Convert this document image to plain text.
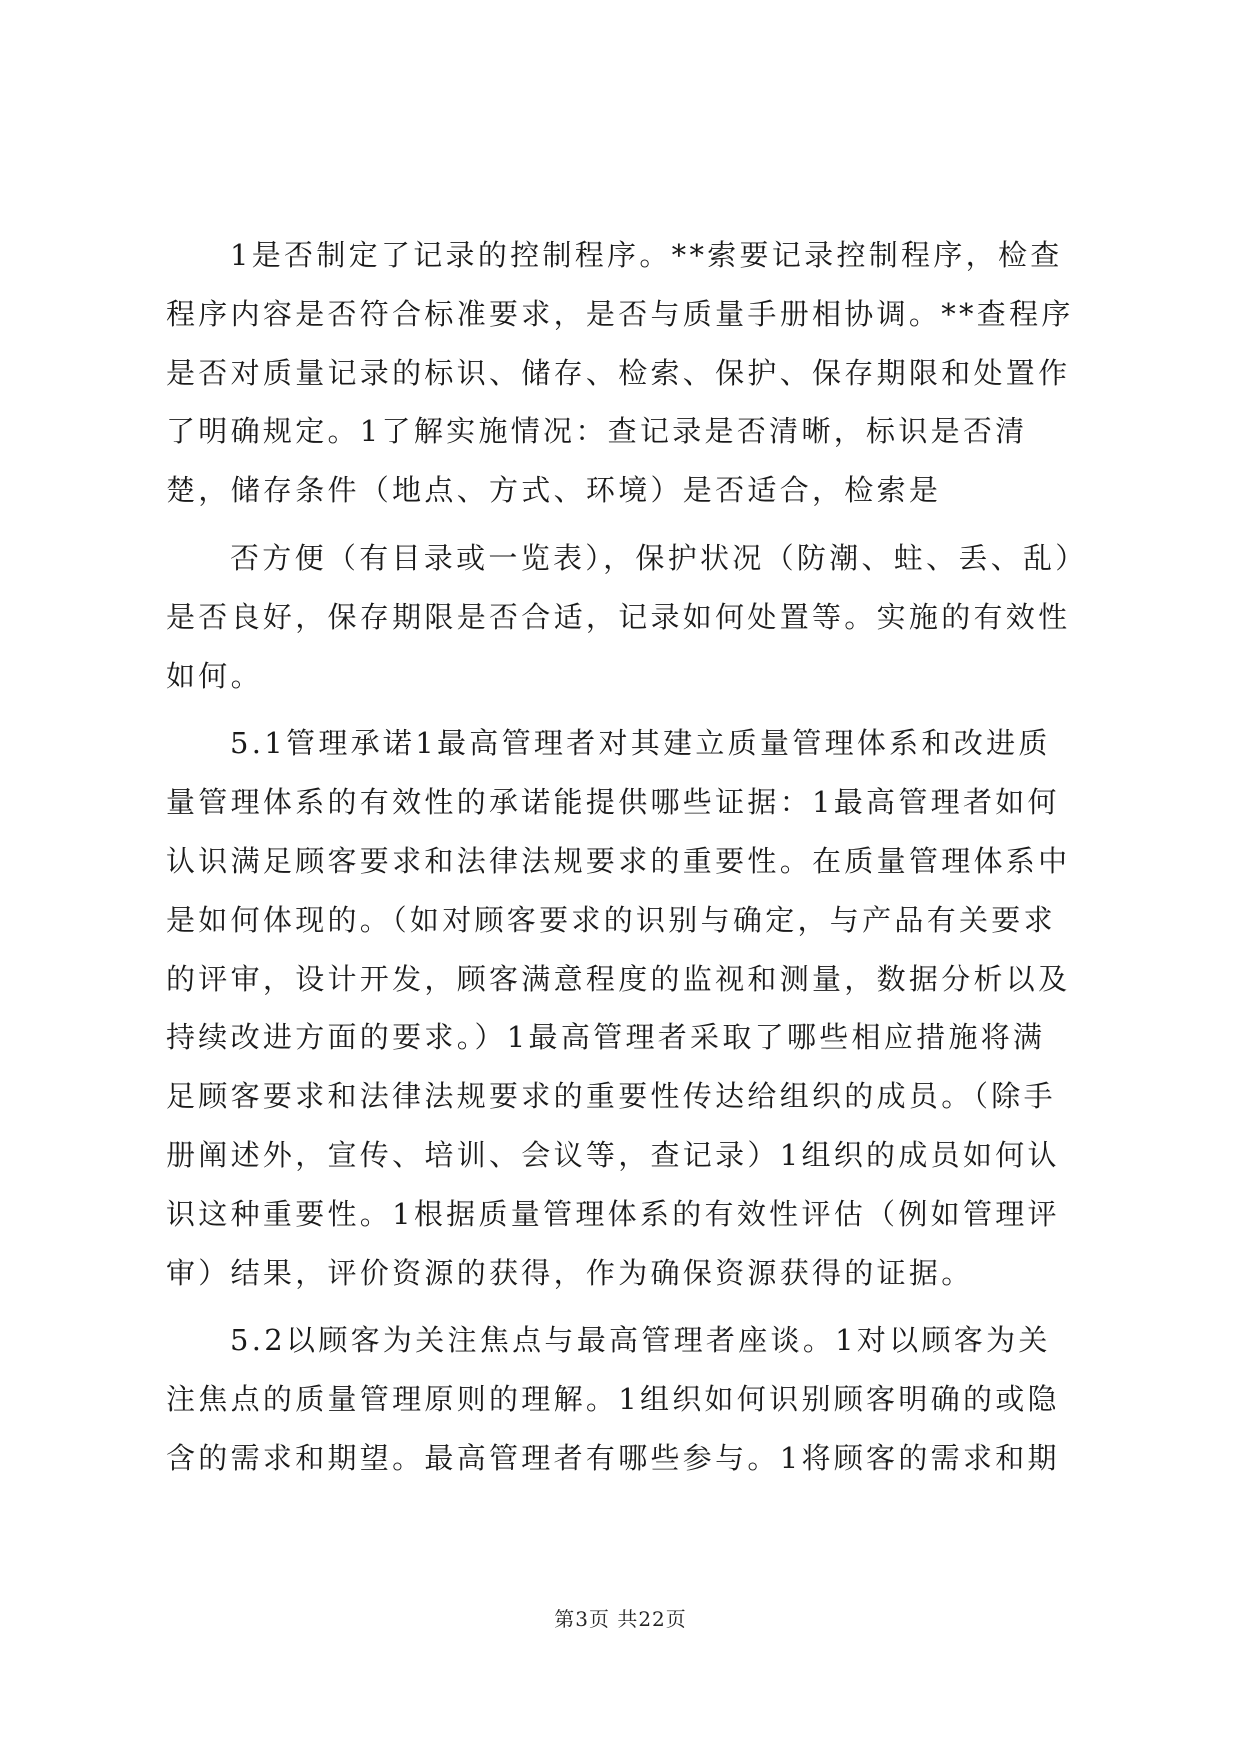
1是否制定了记录的控制程序。**索要记录控制程序，检查程序内容是否符合标准要求，是否与质量手册相协调。**查程序是否对质量记录的标识、储存、检索、保护、保存期限和处置作了明确规定。1了解实施情况：查记录是否清晰，标识是否清楚，储存条件（地点、方式、环境）是否适合，检索是

否方便（有目录或一览表），保护状况（防潮、蛀、丢、乱）是否良好，保存期限是否合适，记录如何处置等。实施的有效性如何。

5.1管理承诺1最高管理者对其建立质量管理体系和改进质量管理体系的有效性的承诺能提供哪些证据：1最高管理者如何认识满足顾客要求和法律法规要求的重要性。在质量管理体系中是如何体现的。（如对顾客要求的识别与确定，与产品有关要求的评审，设计开发，顾客满意程度的监视和测量，数据分析以及持续改进方面的要求。）1最高管理者采取了哪些相应措施将满足顾客要求和法律法规要求的重要性传达给组织的成员。（除手册阐述外，宣传、培训、会议等，查记录）1组织的成员如何认识这种重要性。1根据质量管理体系的有效性评估（例如管理评审）结果，评价资源的获得，作为确保资源获得的证据。

5.2以顾客为关注焦点与最高管理者座谈。1对以顾客为关注焦点的质量管理原则的理解。1组织如何识别顾客明确的或隐含的需求和期望。最高管理者有哪些参与。1将顾客的需求和期

第3页 共22页
